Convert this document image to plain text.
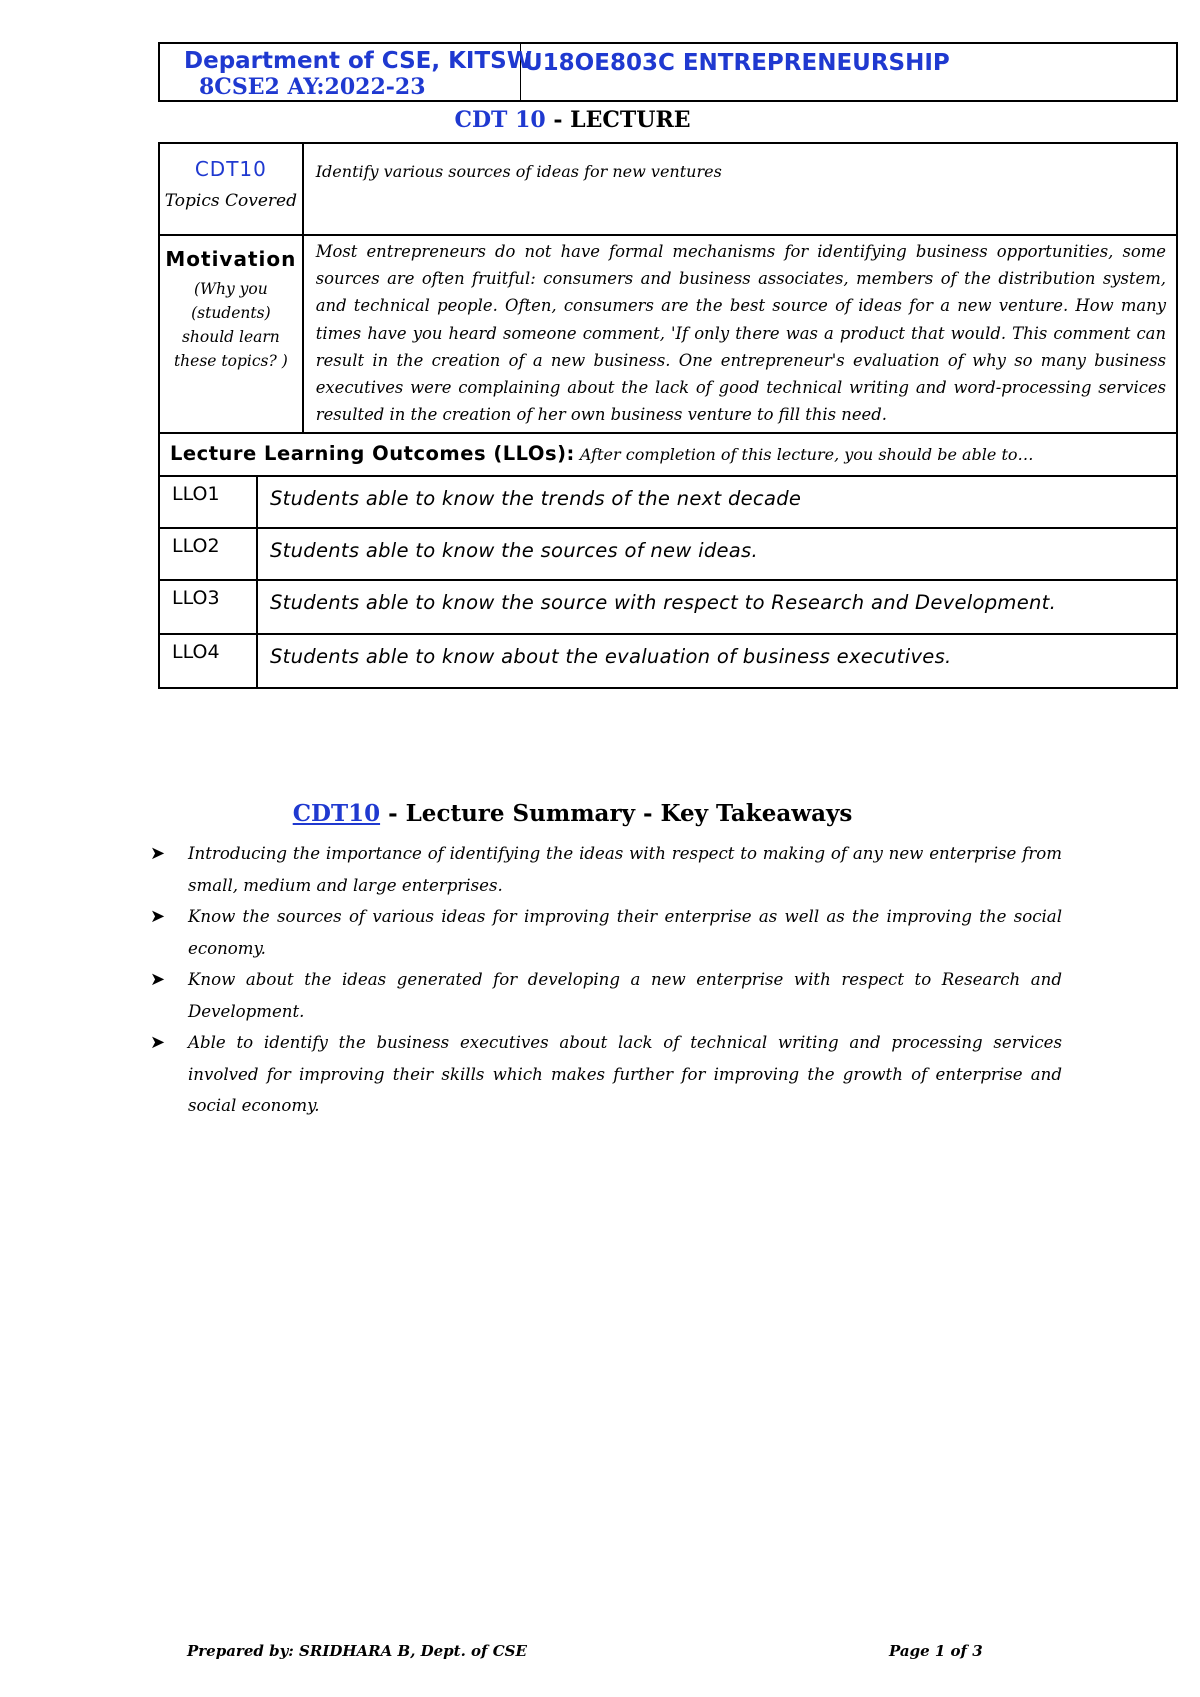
Department of CSE, KITSW
8CSE2 AY:2022-23
U18OE803C ENTREPRENEURSHIP
CDT 10 - LECTURE
CDT10
Topics Covered		Identify various sources of ideas for new ventures

Motivation
(Why you (students) should learn these topics? )		Most entrepreneurs do not have formal mechanisms for identifying business opportunities, some sources are often fruitful: consumers and business associates, members of the distribution system, and technical people. Often, consumers are the best source of ideas for a new venture. How many times have you heard someone comment, 'If only there was a product that would. This comment can result in the creation of a new business. One entrepreneur's evaluation of why so many business executives were complaining about the lack of good technical writing and word-processing services resulted in the creation of her own business venture to fill this need.
Lecture Learning Outcomes (LLOs): After completion of this lecture, you should be able to…		
LLO1	Students able to know the trends of the next decade	
LLO2	Students able to know the sources of new ideas.	
LLO3	Students able to know the source with respect to Research and Development.	
LLO4	Students able to know about the evaluation of business executives.	
CDT10 - Lecture Summary - Key Takeaways
➤ Introducing the importance of identifying the ideas with respect to making of any new enterprise from small, medium and large enterprises.
➤ Know the sources of various ideas for improving their enterprise as well as the improving the social economy.
➤ Know about the ideas generated for developing a new enterprise with respect to Research and Development.
➤ Able to identify the business executives about lack of technical writing and processing services involved for improving their skills which makes further for improving the growth of enterprise and social economy.
Prepared by: SRIDHARA B, Dept. of CSE	Page 1 of 3
